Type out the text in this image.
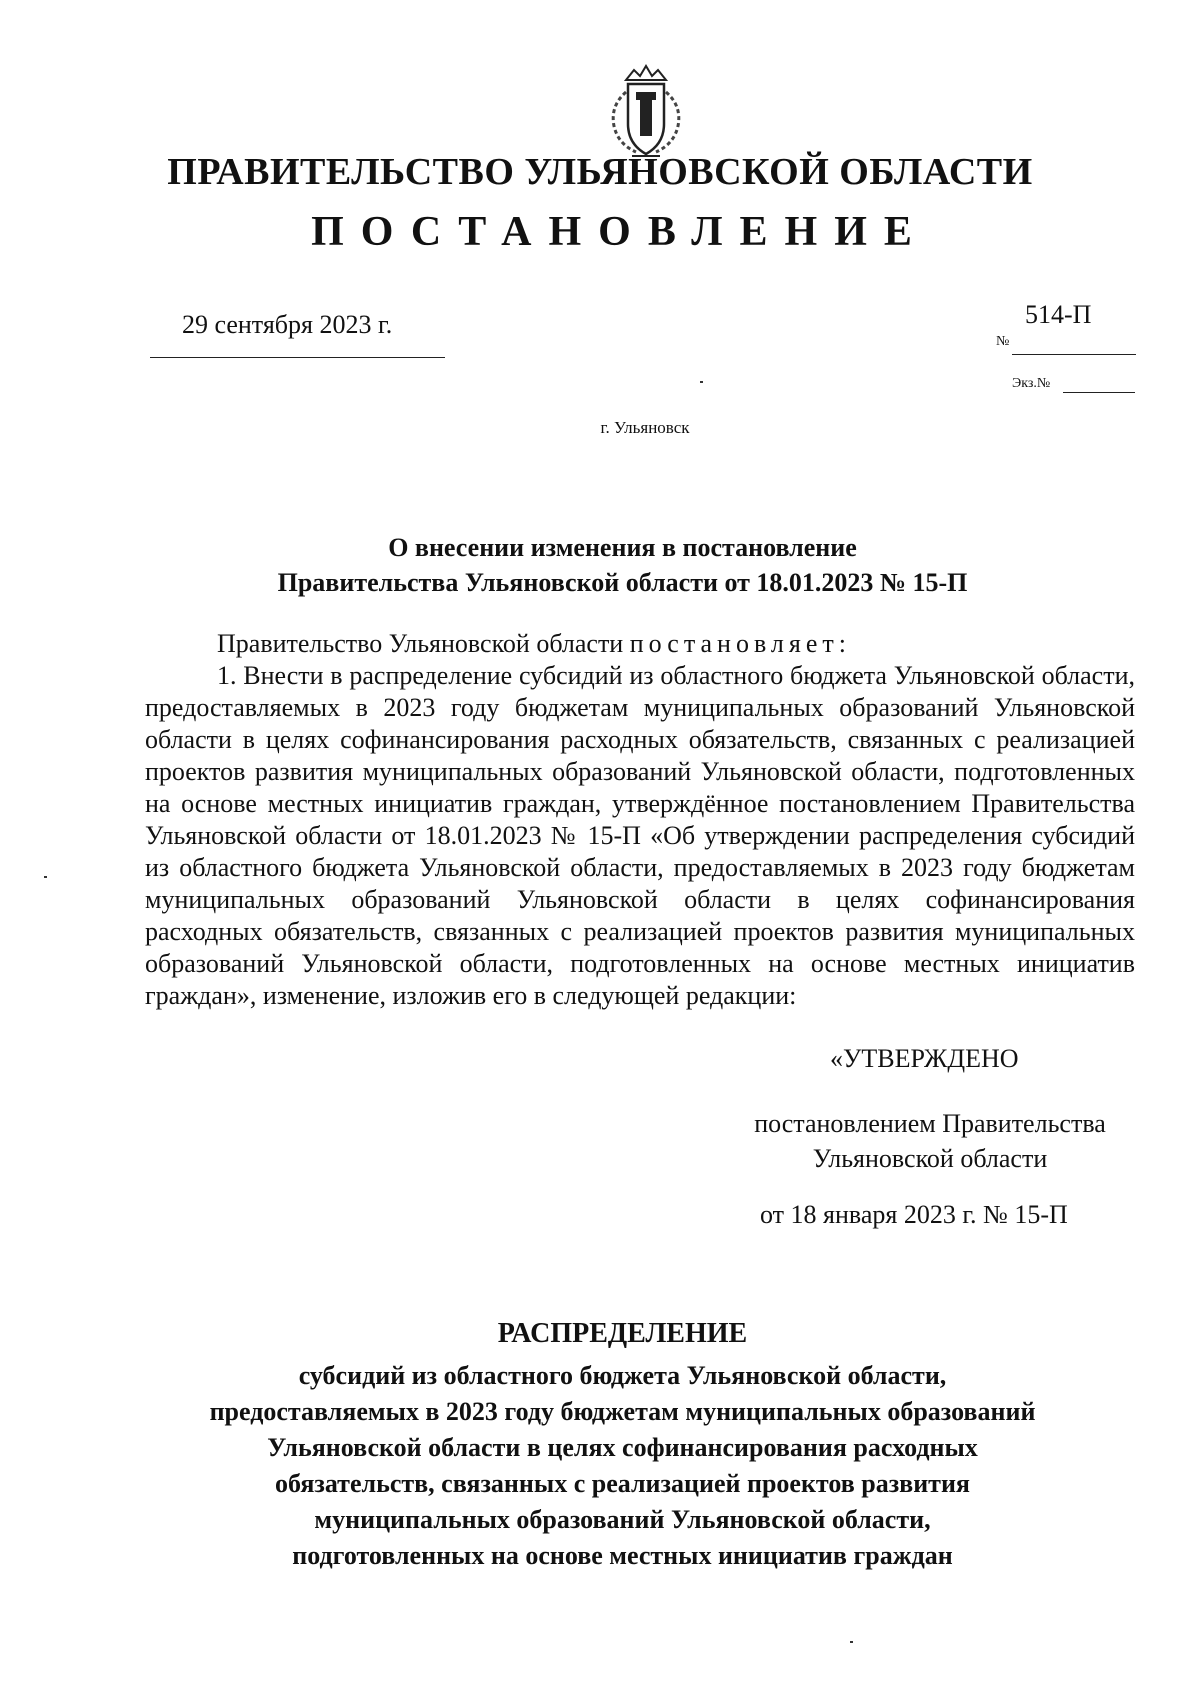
ПРАВИТЕЛЬСТВО УЛЬЯНОВСКОЙ ОБЛАСТИ
ПОСТАНОВЛЕНИЕ
29 сентября 2023 г.
№
514-П
Экз.№
г. Ульяновск
О внесении изменения в постановление
Правительства Ульяновской области от 18.01.2023 № 15-П

Правительство Ульяновской области постановляет:

1. Внести в распределение субсидий из областного бюджета Ульяновской области, предоставляемых в 2023 году бюджетам муниципальных образований Ульяновской области в целях софинансирования расходных обязательств, связанных с реализацией проектов развития муниципальных образований Ульяновской области, подготовленных на основе местных инициатив граждан, утверждённое постановлением Правительства Ульяновской области от 18.01.2023 № 15-П «Об утверждении распределения субсидий из областного бюджета Ульяновской области, предоставляемых в 2023 году бюджетам муниципальных образований Ульяновской области в целях софинансирования расходных обязательств, связанных с реализацией проектов развития муниципальных образований Ульяновской области, подготовленных на основе местных инициатив граждан», изменение, изложив его в следующей редакции:

«УТВЕРЖДЕНО
постановлением Правительства
Ульяновской области
от 18 января 2023 г. № 15-П
РАСПРЕДЕЛЕНИЕ
субсидий из областного бюджета Ульяновской области,
предоставляемых в 2023 году бюджетам муниципальных образований
Ульяновской области в целях софинансирования расходных
обязательств, связанных с реализацией проектов развития
муниципальных образований Ульяновской области,
подготовленных на основе местных инициатив граждан
